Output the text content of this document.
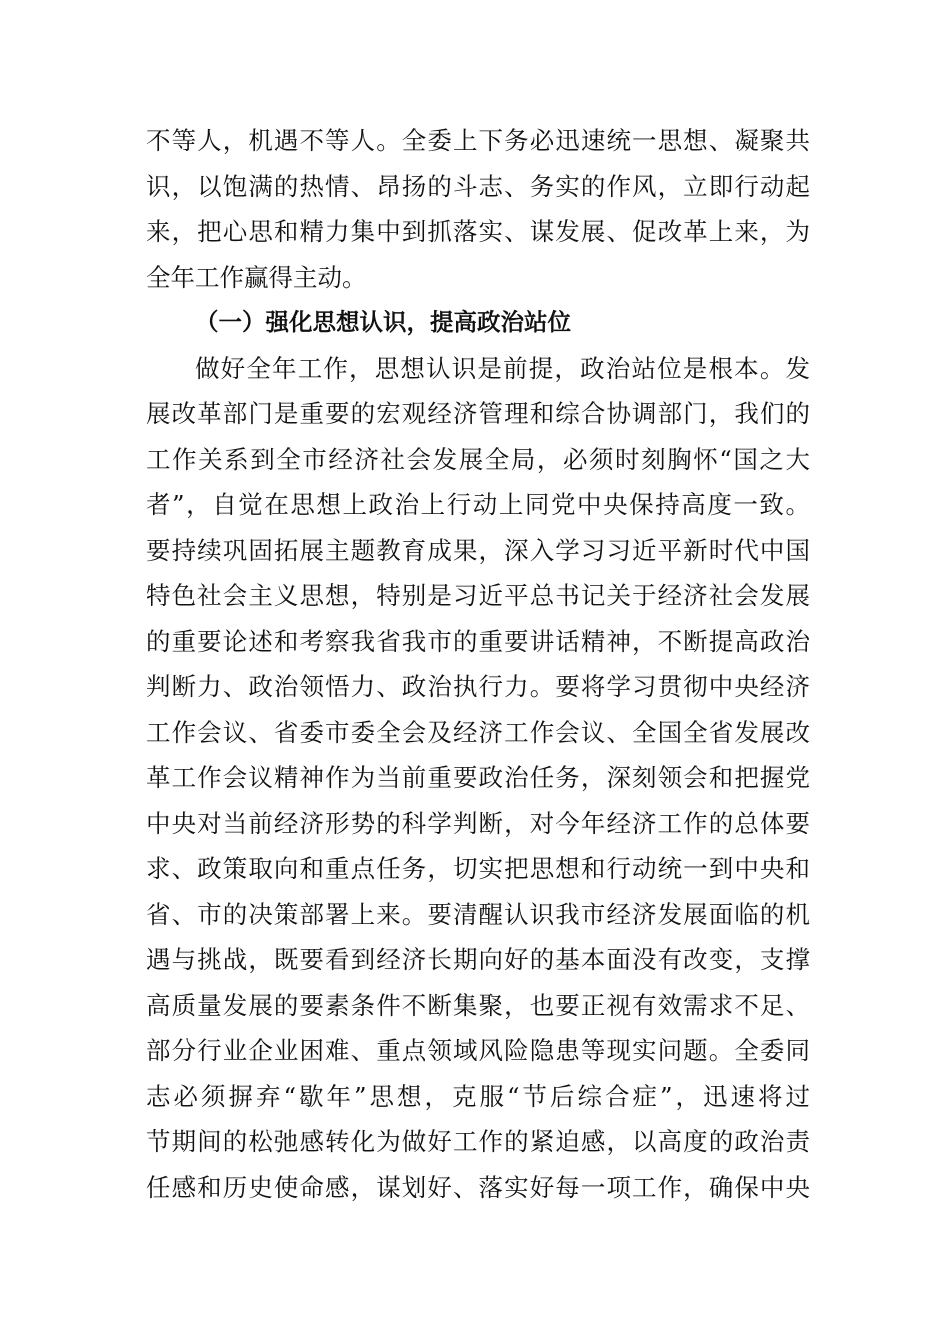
不等人，机遇不等人。全委上下务必迅速统一思想、凝聚共
识，以饱满的热情、昂扬的斗志、务实的作风，立即行动起
来，把心思和精力集中到抓落实、谋发展、促改革上来，为
全年工作赢得主动。
（一）强化思想认识，提高政治站位
做好全年工作，思想认识是前提，政治站位是根本。发
展改革部门是重要的宏观经济管理和综合协调部门，我们的
工作关系到全市经济社会发展全局，必须时刻胸怀“国之大
者”，自觉在思想上政治上行动上同党中央保持高度一致。
要持续巩固拓展主题教育成果，深入学习习近平新时代中国
特色社会主义思想，特别是习近平总书记关于经济社会发展
的重要论述和考察我省我市的重要讲话精神，不断提高政治
判断力、政治领悟力、政治执行力。要将学习贯彻中央经济
工作会议、省委市委全会及经济工作会议、全国全省发展改
革工作会议精神作为当前重要政治任务，深刻领会和把握党
中央对当前经济形势的科学判断，对今年经济工作的总体要
求、政策取向和重点任务，切实把思想和行动统一到中央和
省、市的决策部署上来。要清醒认识我市经济发展面临的机
遇与挑战，既要看到经济长期向好的基本面没有改变，支撑
高质量发展的要素条件不断集聚，也要正视有效需求不足、
部分行业企业困难、重点领域风险隐患等现实问题。全委同
志必须摒弃“歇年”思想，克服“节后综合症”，迅速将过
节期间的松弛感转化为做好工作的紧迫感，以高度的政治责
任感和历史使命感，谋划好、落实好每一项工作，确保中央
